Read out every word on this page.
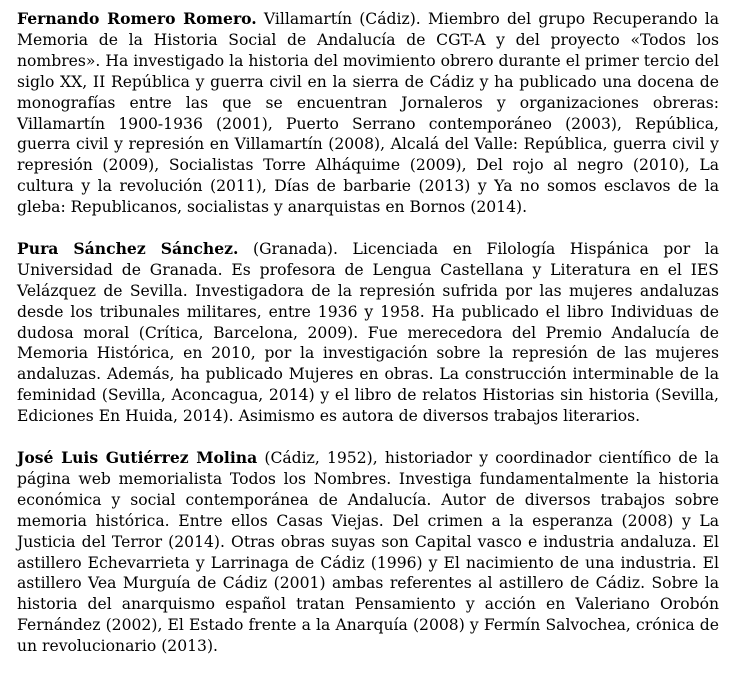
Fernando Romero Romero. Villamartín (Cádiz). Miembro del grupo Recuperando la Memoria de la Historia Social de Andalucía de CGT-A y del proyecto «Todos los nombres». Ha investigado la historia del movimiento obrero durante el primer tercio del siglo XX, II República y guerra civil en la sierra de Cádiz y ha publicado una docena de monografías entre las que se encuentran Jornaleros y organizaciones obreras: Villamartín 1900-1936 (2001), Puerto Serrano contemporáneo (2003), República, guerra civil y represión en Villamartín (2008), Alcalá del Valle: República, guerra civil y represión (2009), Socialistas Torre Alháquime (2009), Del rojo al negro (2010), La cultura y la revolución (2011), Días de barbarie (2013) y Ya no somos esclavos de la gleba: Republicanos, socialistas y anarquistas en Bornos (2014).

Pura Sánchez Sánchez. (Granada). Licenciada en Filología Hispánica por la Universidad de Granada. Es profesora de Lengua Castellana y Literatura en el IES Velázquez de Sevilla. Investigadora de la represión sufrida por las mujeres andaluzas desde los tribunales militares, entre 1936 y 1958. Ha publicado el libro Individuas de dudosa moral (Crítica, Barcelona, 2009). Fue merecedora del Premio Andalucía de Memoria Histórica, en 2010, por la investigación sobre la represión de las mujeres andaluzas. Además, ha publicado Mujeres en obras. La construcción interminable de la feminidad (Sevilla, Aconcagua, 2014) y el libro de relatos Historias sin historia (Sevilla, Ediciones En Huida, 2014). Asimismo es autora de diversos trabajos literarios.

José Luis Gutiérrez Molina (Cádiz, 1952), historiador y coordinador científico de la página web memorialista Todos los Nombres. Investiga fundamentalmente la historia económica y social contemporánea de Andalucía. Autor de diversos trabajos sobre memoria histórica. Entre ellos Casas Viejas. Del crimen a la esperanza (2008) y La Justicia del Terror (2014). Otras obras suyas son Capital vasco e industria andaluza. El astillero Echevarrieta y Larrinaga de Cádiz (1996) y El nacimiento de una industria. El astillero Vea Murguía de Cádiz (2001) ambas referentes al astillero de Cádiz. Sobre la historia del anarquismo español tratan Pensamiento y acción en Valeriano Orobón Fernández (2002), El Estado frente a la Anarquía (2008) y Fermín Salvochea, crónica de un revolucionario (2013).
